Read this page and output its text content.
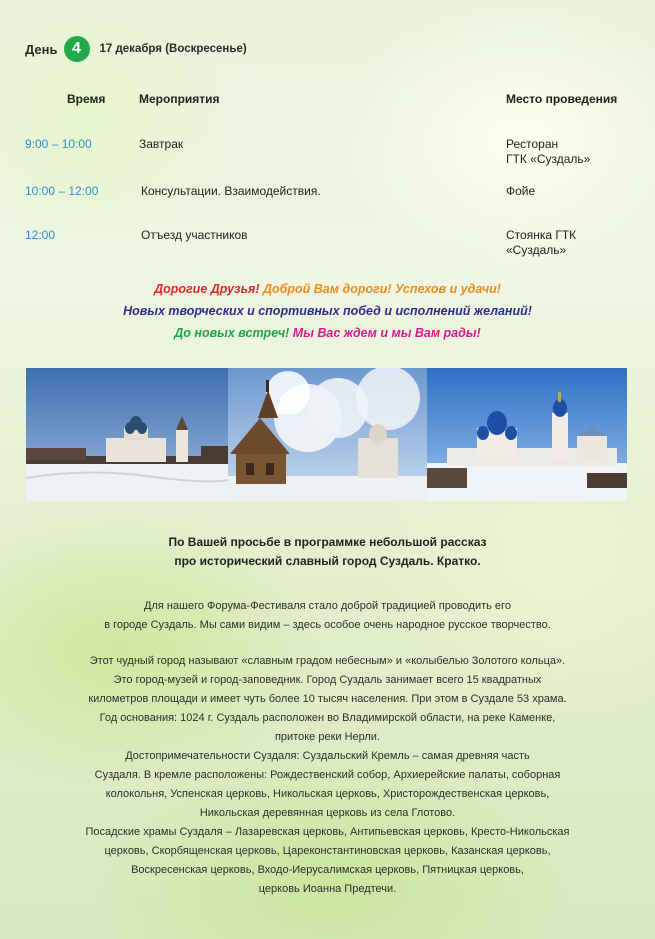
День 4	17 декабря (Воскресенье)
Время	Мероприятия	Место проведения
9:00 – 10:00	Завтрак	Ресторан
ГТК «Суздаль»
10:00 – 12:00	Консультации. Взаимодействия.	Фойе
12:00	Отъезд участников	Стоянка ГТК
«Суздаль»
Дорогие Друзья! Доброй Вам дороги! Успехов и удачи!
Новых творческих и спортивных побед и исполнений желаний!
До новых встреч! Мы Вас ждем и мы Вам рады!
По Вашей просьбе в программке небольшой рассказ
про исторический славный город Суздаль. Кратко.
Для нашего Форума-Фестиваля стало доброй традицией проводить его
в городе Суздаль. Мы сами видим – здесь особое очень народное русское творчество.
Этот чудный город называют «славным градом небесным» и «колыбелью Золотого кольца».
Это город-музей и город-заповедник. Город Суздаль занимает всего 15 квадратных
километров площади и имеет чуть более 10 тысяч населения. При этом в Суздале 53 храма.
Год основания: 1024 г. Суздаль расположен во Владимирской области, на реке Каменке,
притоке реки Нерли.
Достопримечательности Суздаля: Суздальский Кремль – самая древняя часть
Суздаля. В кремле расположены: Рождественский собор, Архиерейские палаты, соборная
колокольня, Успенская церковь, Никольская церковь, Христорождественская церковь,
Никольская деревянная церковь из села Глотово.
Посадские храмы Суздаля – Лазаревская церковь, Антипьевская церковь, Кресто-Никольская
церковь, Скорбященская церковь, Цареконстантиновская церковь, Казанская церковь,
Воскресенская церковь, Входо-Иерусалимская церковь, Пятницкая церковь,
церковь Иоанна Предтечи.
